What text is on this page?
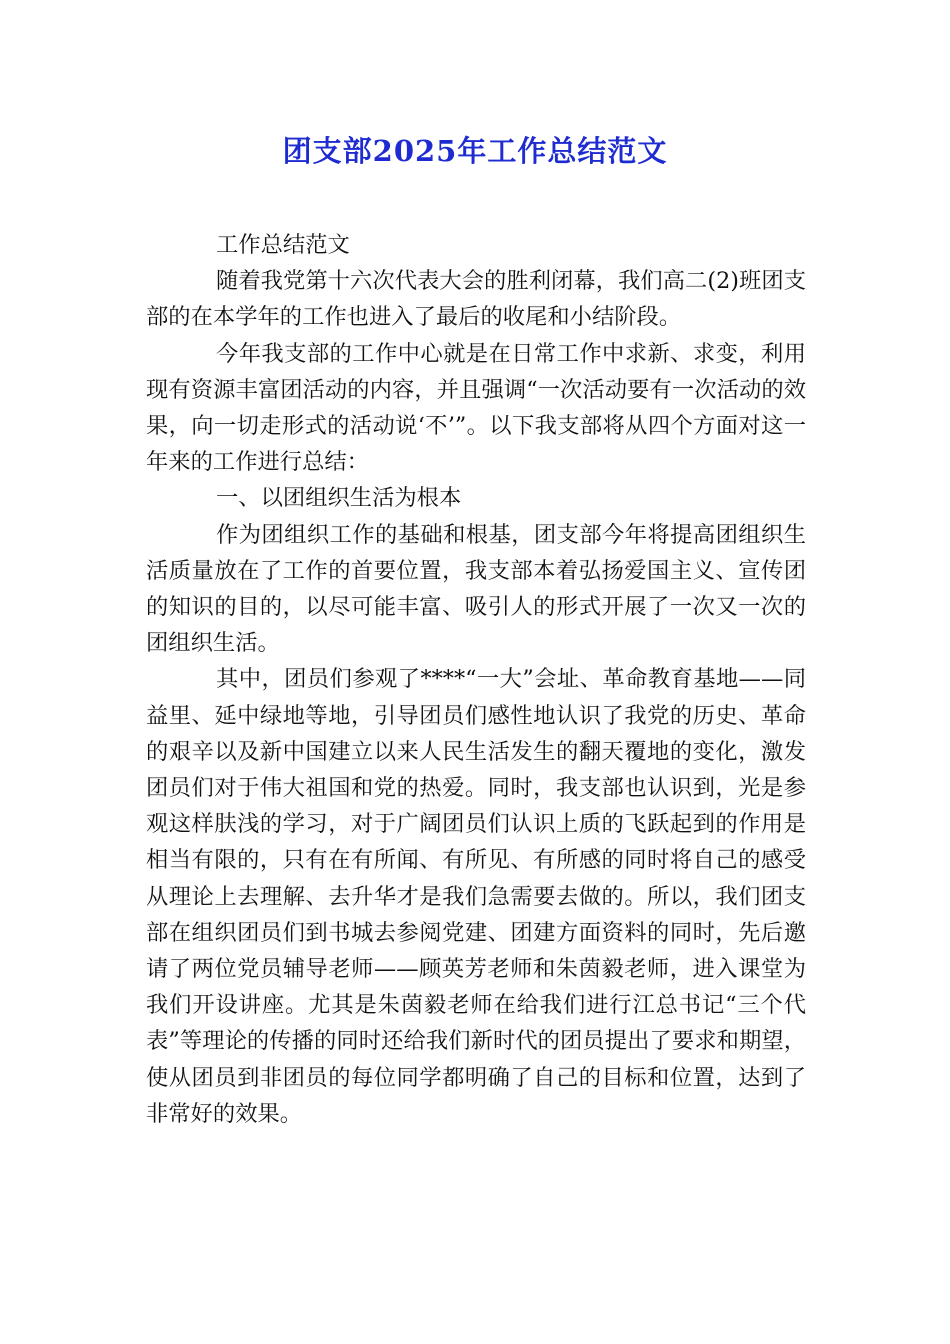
团支部2025年工作总结范文

工作总结范文

随着我党第十六次代表大会的胜利闭幕，我们高二(2)班团支部的在本学年的工作也进入了最后的收尾和小结阶段。

今年我支部的工作中心就是在日常工作中求新、求变，利用现有资源丰富团活动的内容，并且强调“一次活动要有一次活动的效果，向一切走形式的活动说‘不’”。以下我支部将从四个方面对这一年来的工作进行总结：

一、以团组织生活为根本

作为团组织工作的基础和根基，团支部今年将提高团组织生活质量放在了工作的首要位置，我支部本着弘扬爱国主义、宣传团的知识的目的，以尽可能丰富、吸引人的形式开展了一次又一次的团组织生活。

其中，团员们参观了****“一大”会址、革命教育基地——同益里、延中绿地等地，引导团员们感性地认识了我党的历史、革命的艰辛以及新中国建立以来人民生活发生的翻天覆地的变化，激发团员们对于伟大祖国和党的热爱。同时，我支部也认识到，光是参观这样肤浅的学习，对于广阔团员们认识上质的飞跃起到的作用是相当有限的，只有在有所闻、有所见、有所感的同时将自己的感受从理论上去理解、去升华才是我们急需要去做的。所以，我们团支部在组织团员们到书城去参阅党建、团建方面资料的同时，先后邀请了两位党员辅导老师——顾英芳老师和朱茵毅老师，进入课堂为我们开设讲座。尤其是朱茵毅老师在给我们进行江总书记“三个代表”等理论的传播的同时还给我们新时代的团员提出了要求和期望，使从团员到非团员的每位同学都明确了自己的目标和位置，达到了非常好的效果。
